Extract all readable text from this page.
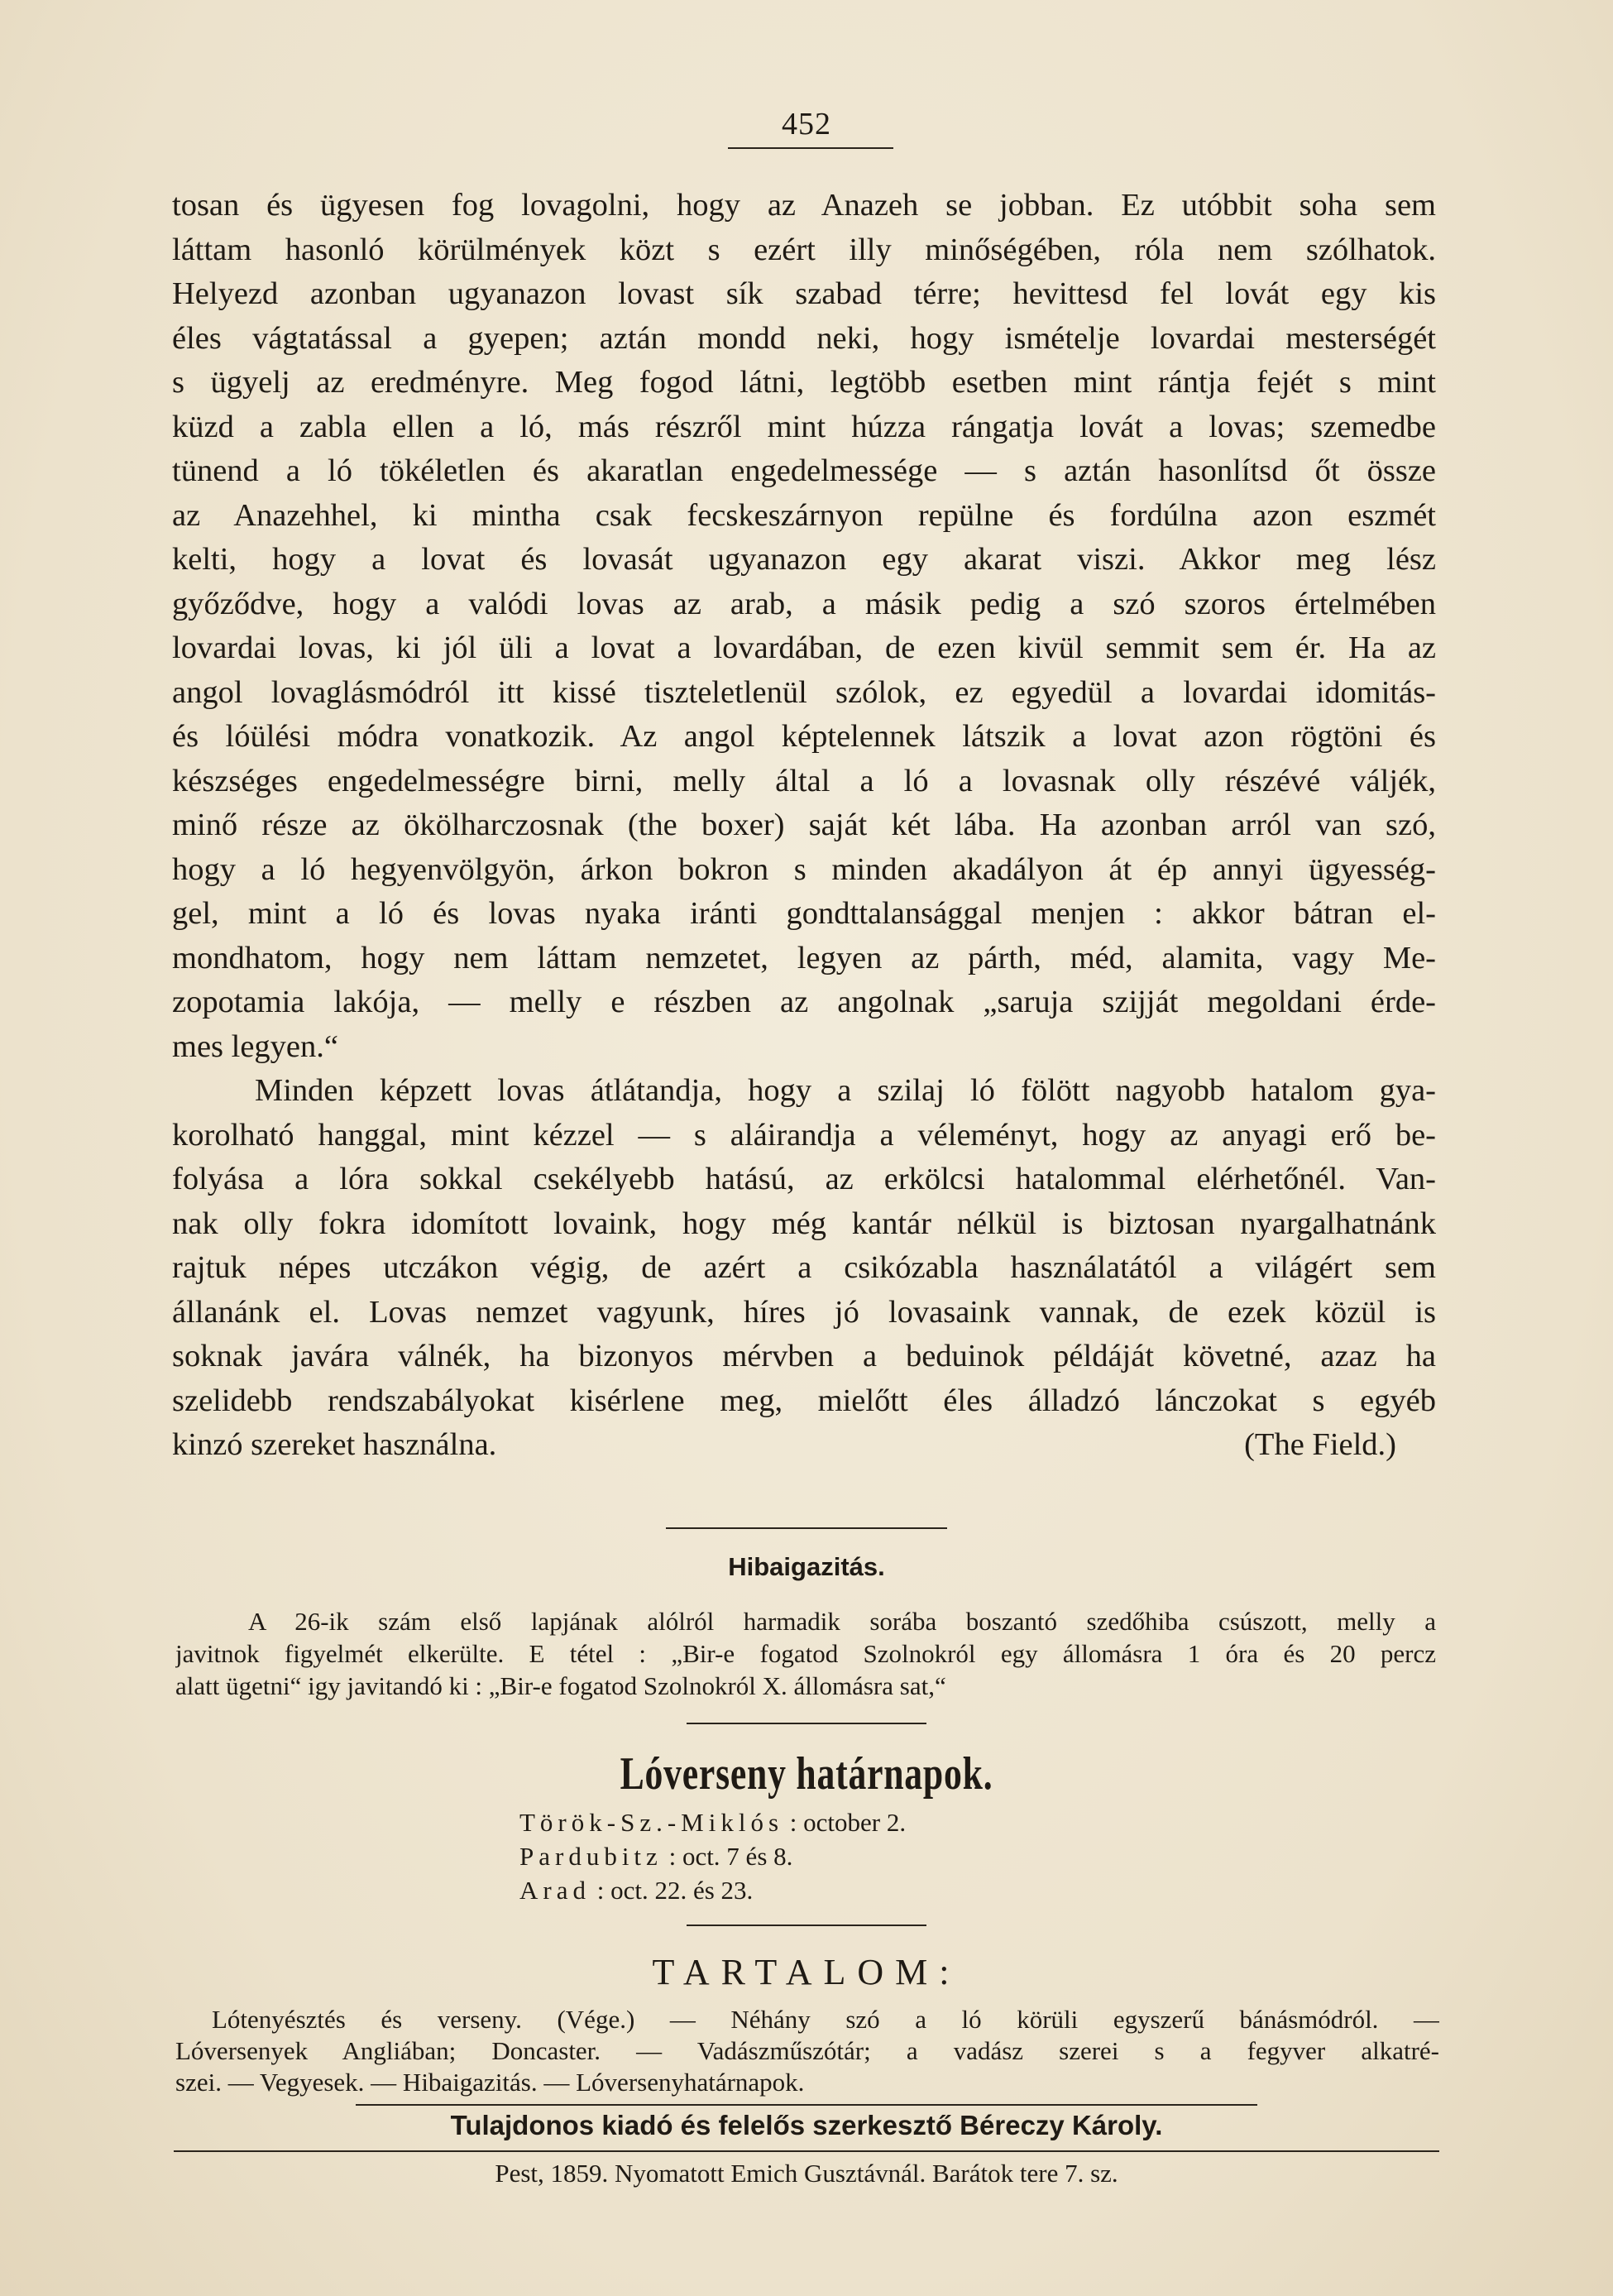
452
tosan és ügyesen fog lovagolni, hogy az Anazeh se jobban. Ez utóbbit soha sem
láttam hasonló körülmények közt s ezért illy minőségében, róla nem szólhatok.
Helyezd azonban ugyanazon lovast sík szabad térre; hevittesd fel lovát egy kis
éles vágtatással a gyepen; aztán mondd neki, hogy ismételje lovardai mesterségét
s ügyelj az eredményre. Meg fogod látni, legtöbb esetben mint rántja fejét s mint
küzd a zabla ellen a ló, más részről mint húzza rángatja lovát a lovas; szemedbe
tünend a ló tökéletlen és akaratlan engedelmessége — s aztán hasonlítsd őt össze
az Anazehhel, ki mintha csak fecskeszárnyon repülne és fordúlna azon eszmét
kelti, hogy a lovat és lovasát ugyanazon egy akarat viszi. Akkor meg lész
győződve, hogy a valódi lovas az arab, a másik pedig a szó szoros értelmében
lovardai lovas, ki jól üli a lovat a lovardában, de ezen kivül semmit sem ér. Ha az
angol lovaglásmódról itt kissé tiszteletlenül szólok, ez egyedül a lovardai idomitás-
és lóülési módra vonatkozik. Az angol képtelennek látszik a lovat azon rögtöni és
készséges engedelmességre birni, melly által a ló a lovasnak olly részévé váljék,
minő része az ökölharczosnak (the boxer) saját két lába. Ha azonban arról van szó,
hogy a ló hegyenvölgyön, árkon bokron s minden akadályon át ép annyi ügyesség-
gel, mint a ló és lovas nyaka iránti gondttalansággal menjen : akkor bátran el-
mondhatom, hogy nem láttam nemzetet, legyen az párth, méd, alamita, vagy Me-
zopotamia lakója, — melly e részben az angolnak „saruja szijját megoldani érde-
mes legyen.“
Minden képzett lovas átlátandja, hogy a szilaj ló fölött nagyobb hatalom gya-
korolható hanggal, mint kézzel — s aláirandja a véleményt, hogy az anyagi erő be-
folyása a lóra sokkal csekélyebb hatású, az erkölcsi hatalommal elérhetőnél. Van-
nak olly fokra idomított lovaink, hogy még kantár nélkül is biztosan nyargalhatnánk
rajtuk népes utczákon végig, de azért a csikózabla használatától a világért sem
állanánk el. Lovas nemzet vagyunk, híres jó lovasaink vannak, de ezek közül is
soknak javára válnék, ha bizonyos mérvben a beduinok példáját követné, azaz ha
szelidebb rendszabályokat kisérlene meg, mielőtt éles álladzó lánczokat s egyéb
kinzó szereket használna.	(The Field.)
Hibaigazitás.
A 26-ik szám első lapjának alólról harmadik sorába boszantó szedőhiba csúszott, melly a
javitnok figyelmét elkerülte. E tétel : „Bir-e fogatod Szolnokról egy állomásra 1 óra és 20 percz
alatt ügetni“ igy javitandó ki : „Bir-e fogatod Szolnokról X. állomásra sat,“
Lóverseny határnapok.
Török-Sz.-Miklós : october 2.
Pardubitz : oct. 7 és 8.
Arad : oct. 22. és 23.
TARTALOM:
Lótenyésztés és verseny. (Vége.) — Néhány szó a ló körüli egyszerű bánásmódról. —
Lóversenyek Angliában; Doncaster. — Vadászműszótár; a vadász szerei s a fegyver alkatré-
szei. — Vegyesek. — Hibaigazitás. — Lóversenyhatárnapok.
Tulajdonos kiadó és felelős szerkesztő Béreczy Károly.
Pest, 1859. Nyomatott Emich Gusztávnál. Barátok tere 7. sz.
